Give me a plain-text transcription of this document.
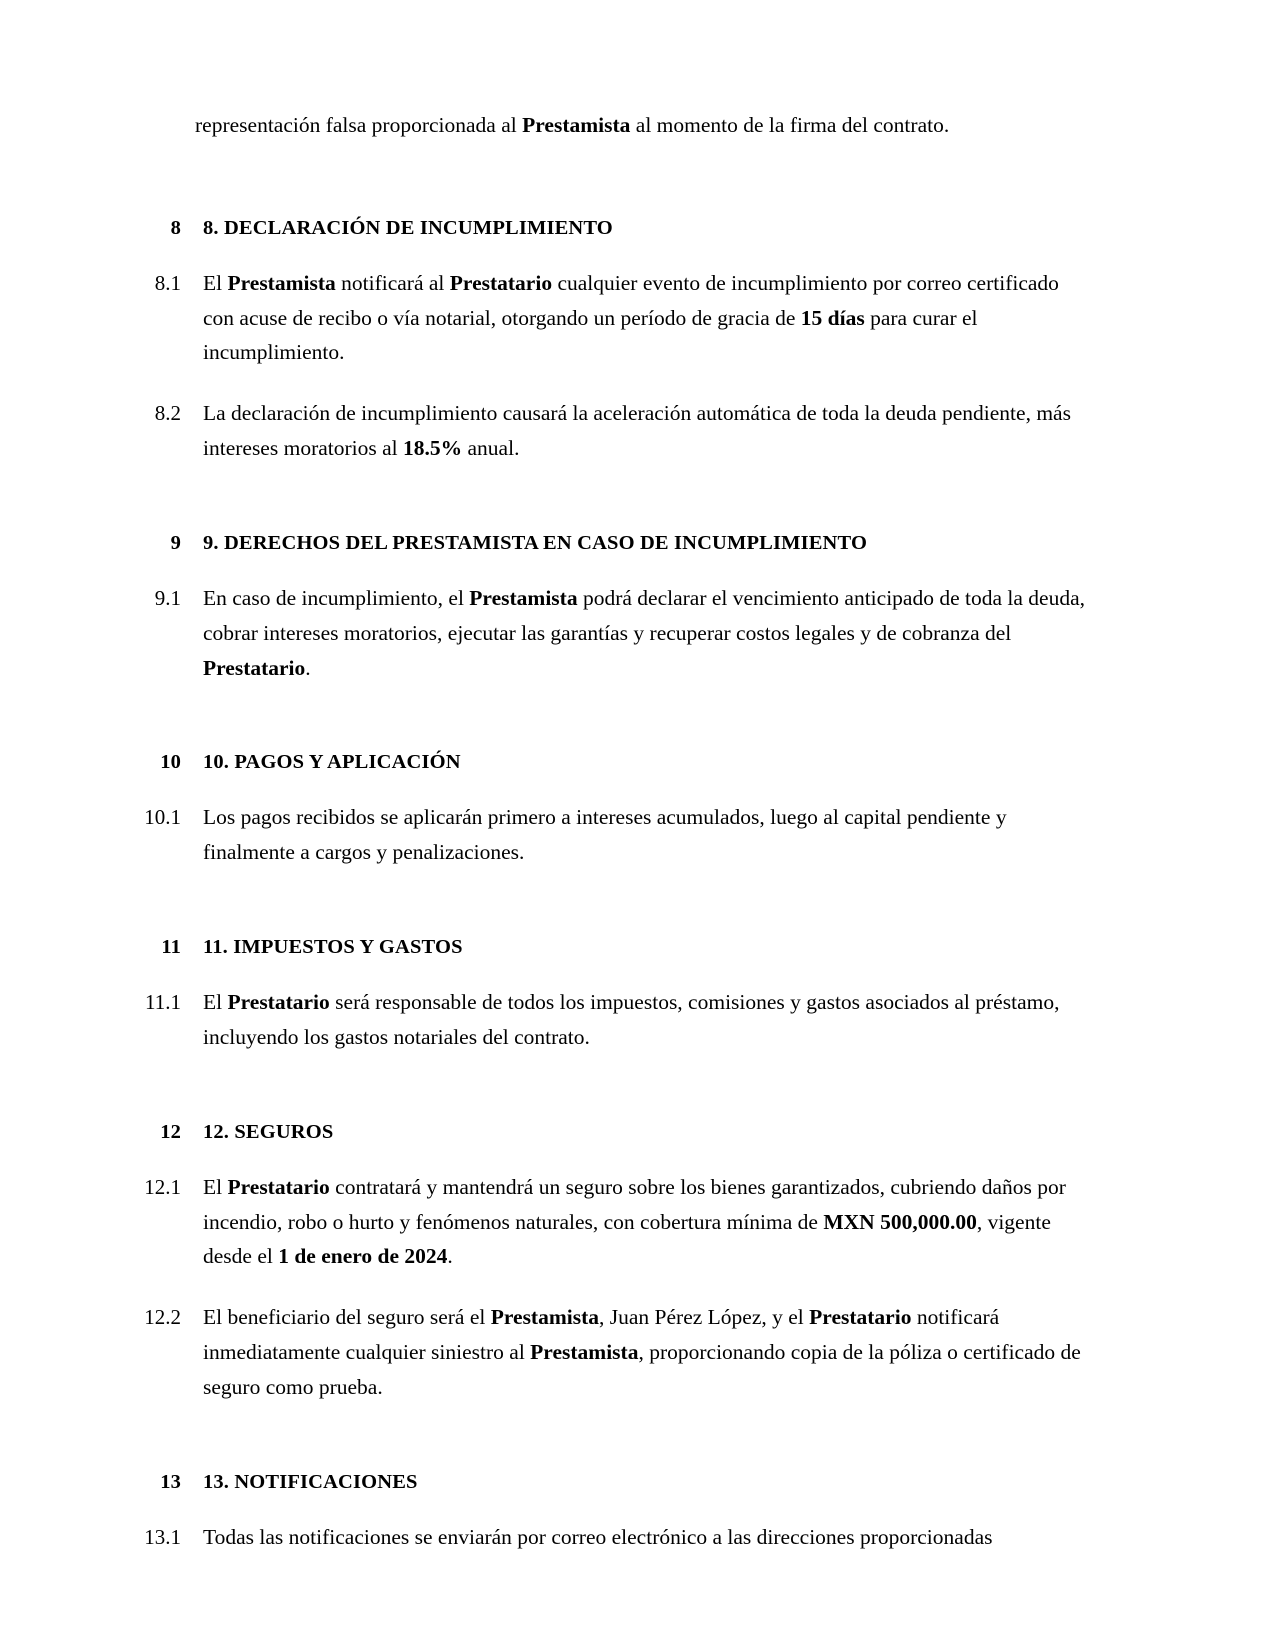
representación falsa proporcionada al Prestamista al momento de la firma del contrato.

8 8. DECLARACIÓN DE INCUMPLIMIENTO
8.1 El Prestamista notificará al Prestatario cualquier evento de incumplimiento por correo certificado con acuse de recibo o vía notarial, otorgando un período de gracia de 15 días para curar el incumplimiento.
8.2 La declaración de incumplimiento causará la aceleración automática de toda la deuda pendiente, más intereses moratorios al 18.5% anual.
9 9. DERECHOS DEL PRESTAMISTA EN CASO DE INCUMPLIMIENTO
9.1 En caso de incumplimiento, el Prestamista podrá declarar el vencimiento anticipado de toda la deuda, cobrar intereses moratorios, ejecutar las garantías y recuperar costos legales y de cobranza del Prestatario.
10 10. PAGOS Y APLICACIÓN
10.1 Los pagos recibidos se aplicarán primero a intereses acumulados, luego al capital pendiente y finalmente a cargos y penalizaciones.
11 11. IMPUESTOS Y GASTOS
11.1 El Prestatario será responsable de todos los impuestos, comisiones y gastos asociados al préstamo, incluyendo los gastos notariales del contrato.
12 12. SEGUROS
12.1 El Prestatario contratará y mantendrá un seguro sobre los bienes garantizados, cubriendo daños por incendio, robo o hurto y fenómenos naturales, con cobertura mínima de MXN 500,000.00, vigente desde el 1 de enero de 2024.
12.2 El beneficiario del seguro será el Prestamista, Juan Pérez López, y el Prestatario notificará inmediatamente cualquier siniestro al Prestamista, proporcionando copia de la póliza o certificado de seguro como prueba.
13 13. NOTIFICACIONES
13.1 Todas las notificaciones se enviarán por correo electrónico a las direcciones proporcionadas
